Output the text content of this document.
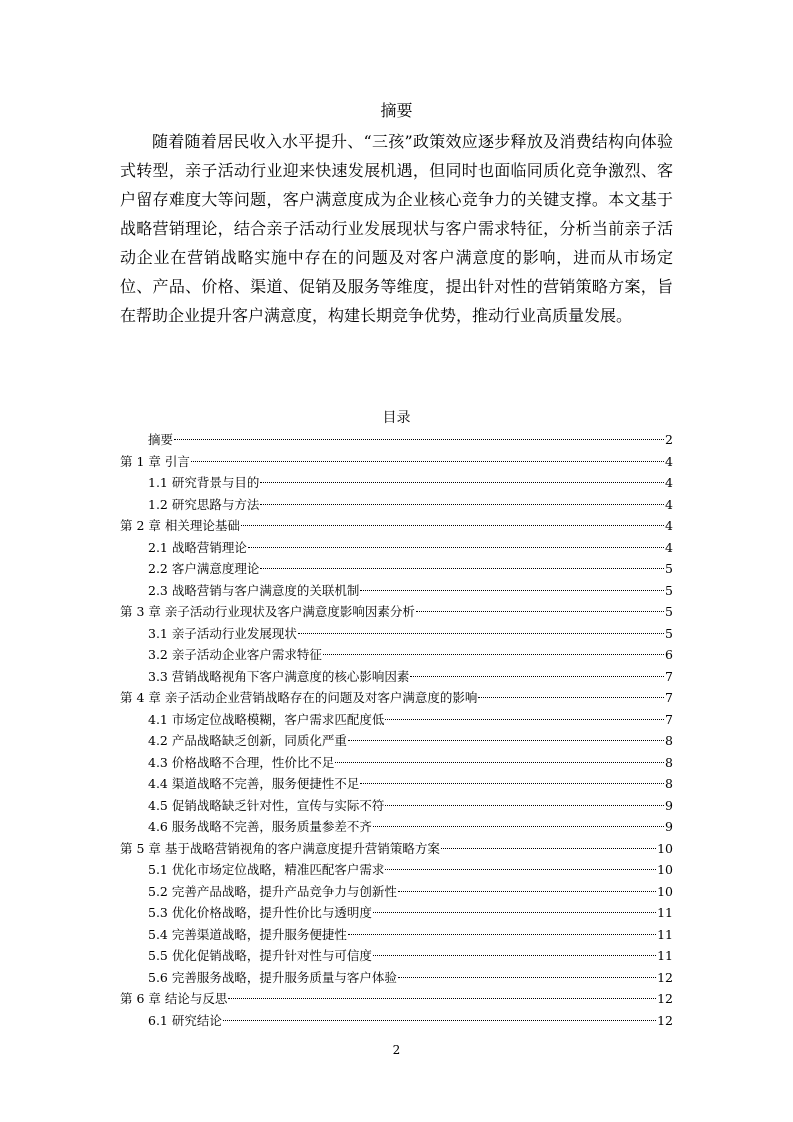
摘要

随着随着居民收入水平提升、“三孩”政策效应逐步释放及消费结构向体验式转型，亲子活动行业迎来快速发展机遇，但同时也面临同质化竞争激烈、客户留存难度大等问题，客户满意度成为企业核心竞争力的关键支撑。本文基于战略营销理论，结合亲子活动行业发展现状与客户需求特征，分析当前亲子活动企业在营销战略实施中存在的问题及对客户满意度的影响，进而从市场定位、产品、价格、渠道、促销及服务等维度，提出针对性的营销策略方案，旨在帮助企业提升客户满意度，构建长期竞争优势，推动行业高质量发展。

目录
摘要	2
第 1 章 引言	4
1.1 研究背景与目的	4
1.2 研究思路与方法	4
第 2 章 相关理论基础	4
2.1 战略营销理论	4
2.2 客户满意度理论	5
2.3 战略营销与客户满意度的关联机制	5
第 3 章 亲子活动行业现状及客户满意度影响因素分析	5
3.1 亲子活动行业发展现状	5
3.2 亲子活动企业客户需求特征	6
3.3 营销战略视角下客户满意度的核心影响因素	7
第 4 章 亲子活动企业营销战略存在的问题及对客户满意度的影响	7
4.1 市场定位战略模糊，客户需求匹配度低	7
4.2 产品战略缺乏创新，同质化严重	8
4.3 价格战略不合理，性价比不足	8
4.4 渠道战略不完善，服务便捷性不足	8
4.5 促销战略缺乏针对性，宣传与实际不符	9
4.6 服务战略不完善，服务质量参差不齐	9
第 5 章 基于战略营销视角的客户满意度提升营销策略方案	10
5.1 优化市场定位战略，精准匹配客户需求	10
5.2 完善产品战略，提升产品竞争力与创新性	10
5.3 优化价格战略，提升性价比与透明度	11
5.4 完善渠道战略，提升服务便捷性	11
5.5 优化促销战略，提升针对性与可信度	11
5.6 完善服务战略，提升服务质量与客户体验	12
第 6 章 结论与反思	12
6.1 研究结论	12
2
